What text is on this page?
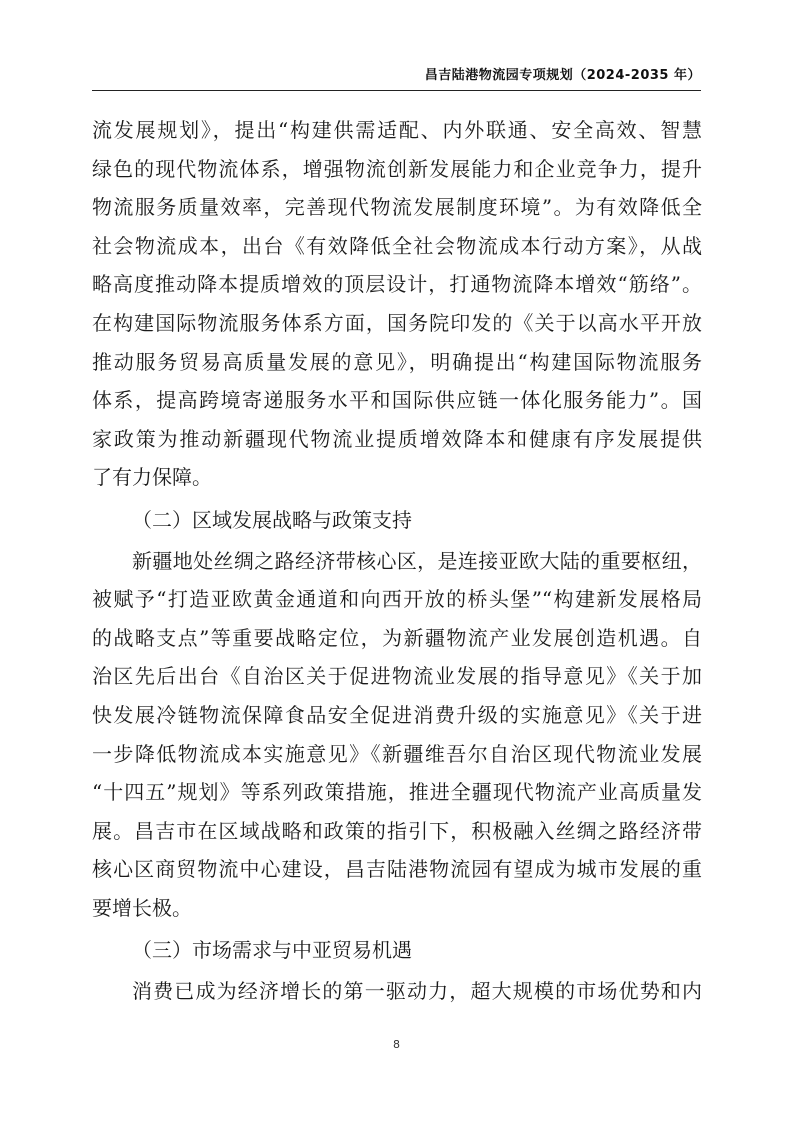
昌吉陆港物流园专项规划（2024-2035 年）
流发展规划》，提出“构建供需适配、内外联通、安全高效、智慧
绿色的现代物流体系，增强物流创新发展能力和企业竞争力，提升
物流服务质量效率，完善现代物流发展制度环境”。为有效降低全
社会物流成本，出台《有效降低全社会物流成本行动方案》，从战
略高度推动降本提质增效的顶层设计，打通物流降本增效“筋络”。
在构建国际物流服务体系方面，国务院印发的《关于以高水平开放
推动服务贸易高质量发展的意见》，明确提出“构建国际物流服务
体系，提高跨境寄递服务水平和国际供应链一体化服务能力”。国
家政策为推动新疆现代物流业提质增效降本和健康有序发展提供
了有力保障。
（二）区域发展战略与政策支持
新疆地处丝绸之路经济带核心区，是连接亚欧大陆的重要枢纽，
被赋予“打造亚欧黄金通道和向西开放的桥头堡”“构建新发展格局
的战略支点”等重要战略定位，为新疆物流产业发展创造机遇。自
治区先后出台《自治区关于促进物流业发展的指导意见》《关于加
快发展冷链物流保障食品安全促进消费升级的实施意见》《关于进
一步降低物流成本实施意见》《新疆维吾尔自治区现代物流业发展
“十四五”规划》等系列政策措施，推进全疆现代物流产业高质量发
展。昌吉市在区域战略和政策的指引下，积极融入丝绸之路经济带
核心区商贸物流中心建设，昌吉陆港物流园有望成为城市发展的重
要增长极。
（三）市场需求与中亚贸易机遇
消费已成为经济增长的第一驱动力，超大规模的市场优势和内
8
